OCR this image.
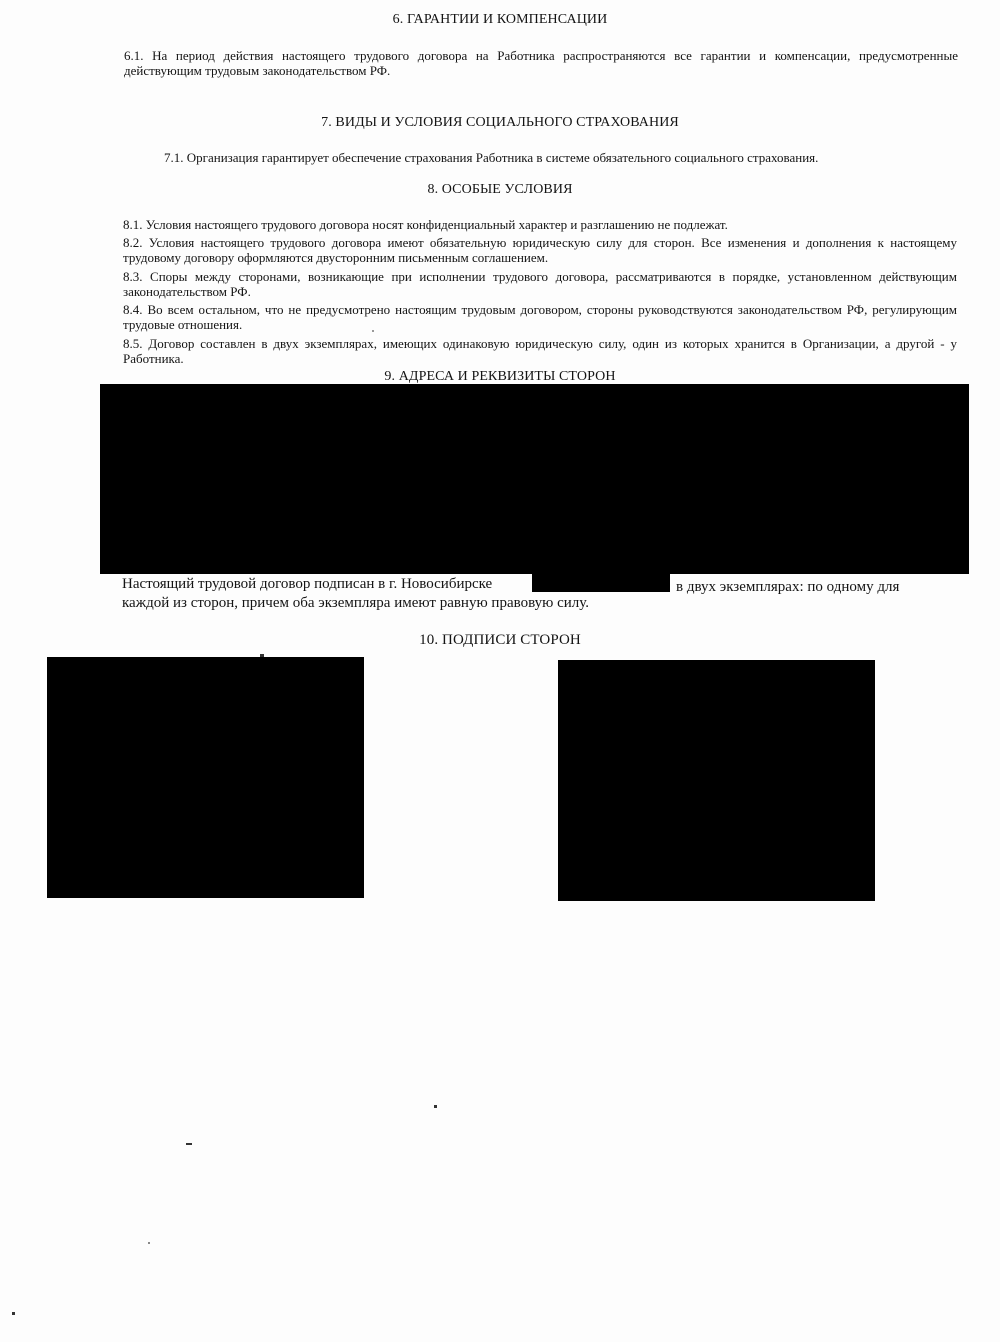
6. ГАРАНТИИ И КОМПЕНСАЦИИ
6.1. На период действия настоящего трудового договора на Работника распространяются все гарантии и компенсации, предусмотренные действующим трудовым законодательством РФ.
7. ВИДЫ И УСЛОВИЯ СОЦИАЛЬНОГО СТРАХОВАНИЯ
7.1. Организация гарантирует обеспечение страхования Работника в системе обязательного социального страхования.
8. ОСОБЫЕ УСЛОВИЯ
8.1. Условия настоящего трудового договора носят конфиденциальный характер и разглашению не подлежат.
8.2. Условия настоящего трудового договора имеют обязательную юридическую силу для сторон. Все изменения и дополнения к настоящему трудовому договору оформляются двусторонним письменным соглашением.
8.3. Споры между сторонами, возникающие при исполнении трудового договора, рассматриваются в порядке, установленном действующим законодательством РФ.
8.4. Во всем остальном, что не предусмотрено настоящим трудовым договором, стороны руководствуются законодательством РФ, регулирующим трудовые отношения.
8.5. Договор составлен в двух экземплярах, имеющих одинаковую юридическую силу, один из которых хранится в Организации, а другой - у Работника.
9. АДРЕСА И РЕКВИЗИТЫ СТОРОН
Настоящий трудовой договор подписан в г. Новосибирске	в двух экземплярах: по одному для
каждой из сторон, причем оба экземпляра имеют равную правовую силу.
10. ПОДПИСИ СТОРОН
